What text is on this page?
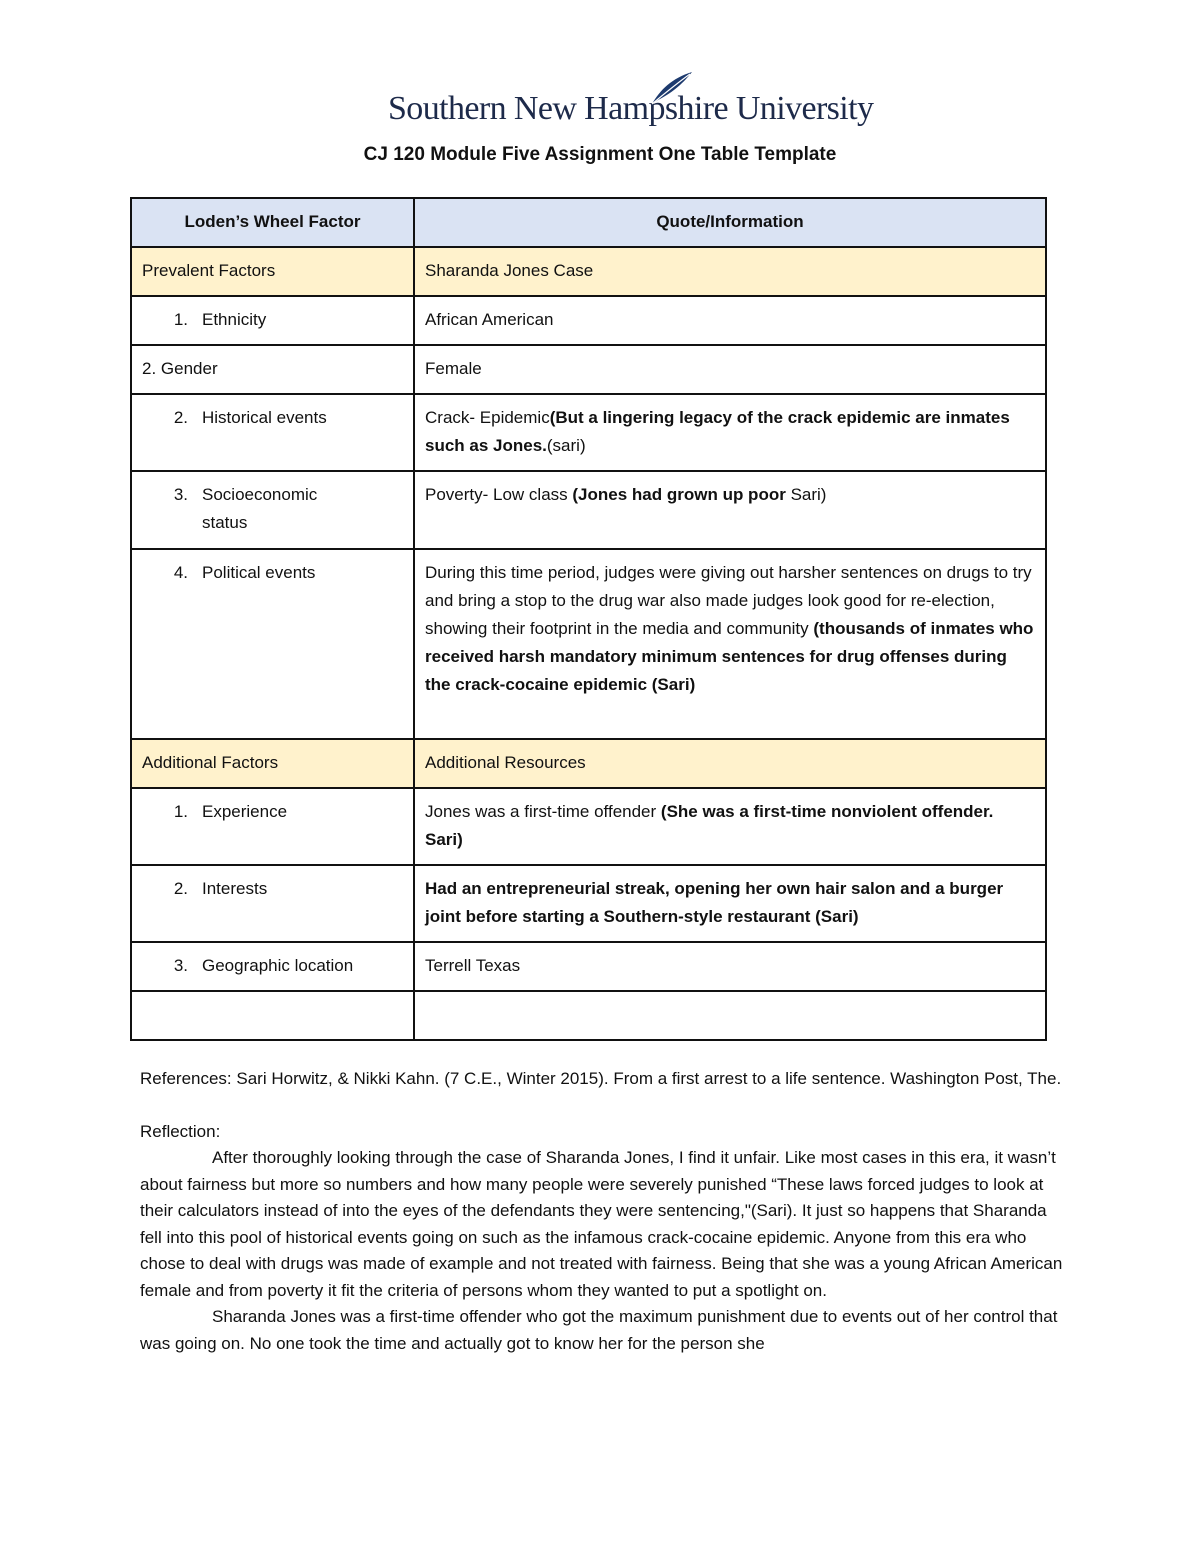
Southern New Hampshire University
CJ 120 Module Five Assignment One Table Template
Loden’s Wheel Factor	Quote/Information
Prevalent Factors	Sharanda Jones Case
1. Ethnicity	African American
2. Gender	Female
2. Historical events	Crack- Epidemic(But a lingering legacy of the crack epidemic are inmates such as Jones.(sari)

3. Socioeconomic status	Poverty- Low class (Jones had grown up poor Sari)
4. Political events	During this time period, judges were giving out harsher sentences on drugs to try and bring a stop to the drug war also made judges look good for re-election, showing their footprint in the media and community (thousands of inmates who received harsh mandatory minimum sentences for drug offenses during the crack-cocaine epidemic (Sari)
Additional Factors	Additional Resources
1. Experience	Jones was a first-time offender (She was a first-time nonviolent offender. Sari)
2. Interests	Had an entrepreneurial streak, opening her own hair salon and a burger joint before starting a Southern-style restaurant (Sari)
3. Geographic location	Terrell Texas

References: Sari Horwitz, & Nikki Kahn. (7 C.E., Winter 2015). From a first arrest to a life sentence. Washington Post, The.

Reflection:

After thoroughly looking through the case of Sharanda Jones, I find it unfair. Like most cases in this era, it wasn’t about fairness but more so numbers and how many people were severely punished “These laws forced judges to look at their calculators instead of into the eyes of the defendants they were sentencing,"(Sari). It just so happens that Sharanda fell into this pool of historical events going on such as the infamous crack-cocaine epidemic. Anyone from this era who chose to deal with drugs was made of example and not treated with fairness. Being that she was a young African American female and from poverty it fit the criteria of persons whom they wanted to put a spotlight on.

Sharanda Jones was a first-time offender who got the maximum punishment due to events out of her control that was going on. No one took the time and actually got to know her for the person she
